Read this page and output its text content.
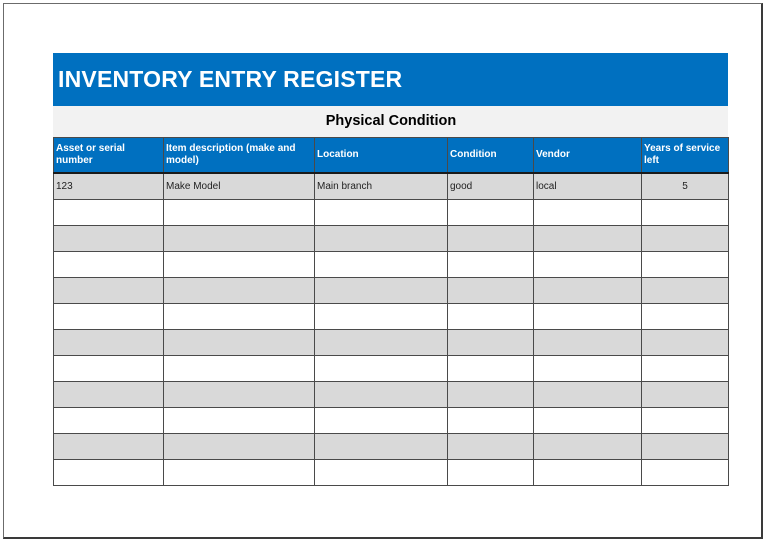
INVENTORY ENTRY REGISTER
Physical Condition
Asset or serial number	Item description (make and model)	Location	Condition	Vendor	Years of service left
123	Make Model	Main branch	good	local	5
